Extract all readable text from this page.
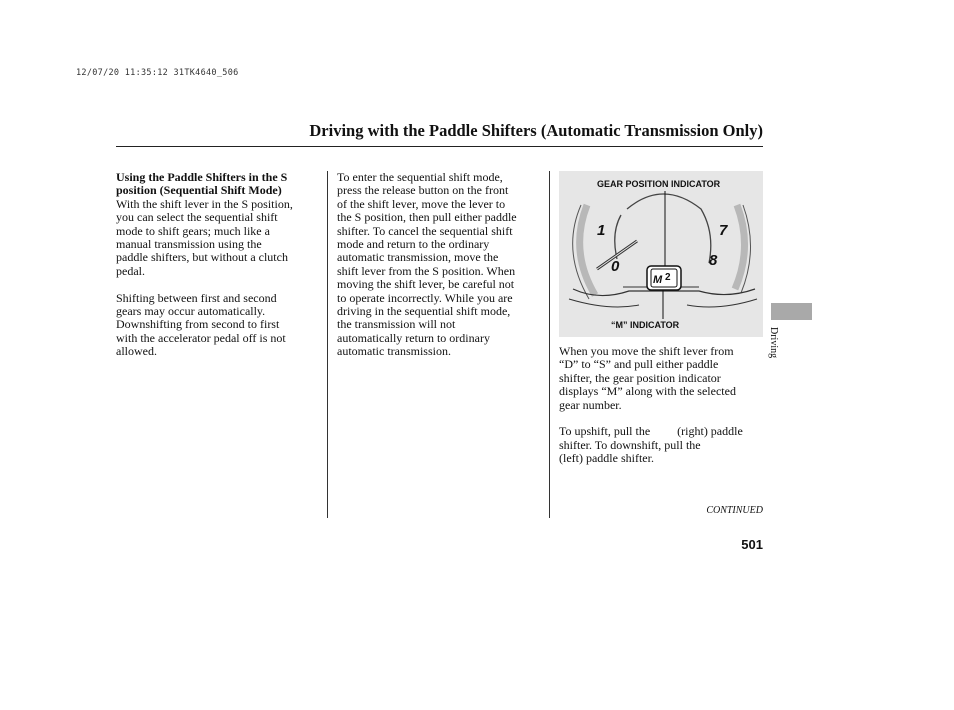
12/07/20 11:35:12 31TK4640_506
Driving with the Paddle Shifters (Automatic Transmission Only)

Using the Paddle Shifters in the S

position (Sequential Shift Mode)

With the shift lever in the S position,

you can select the sequential shift

mode to shift gears; much like a

manual transmission using the

paddle shifters, but without a clutch

pedal.

Shifting between first and second

gears may occur automatically.

Downshifting from second to first

with the accelerator pedal off is not

allowed.

To enter the sequential shift mode,

press the release button on the front

of the shift lever, move the lever to

the S position, then pull either paddle

shifter. To cancel the sequential shift

mode and return to the ordinary

automatic transmission, move the

shift lever from the S position. When

moving the shift lever, be careful not

to operate incorrectly. While you are

driving in the sequential shift mode,

the transmission will not

automatically return to ordinary

automatic transmission.

M 2
1
0
7
8
GEAR POSITION INDICATOR
“M” INDICATOR

When you move the shift lever from

“D” to “S” and pull either paddle

shifter, the gear position indicator

displays “M” along with the selected

gear number.

To upshift, pull the   (right) paddle

shifter. To downshift, pull the

(left) paddle shifter.

CONTINUED
501
Driving
